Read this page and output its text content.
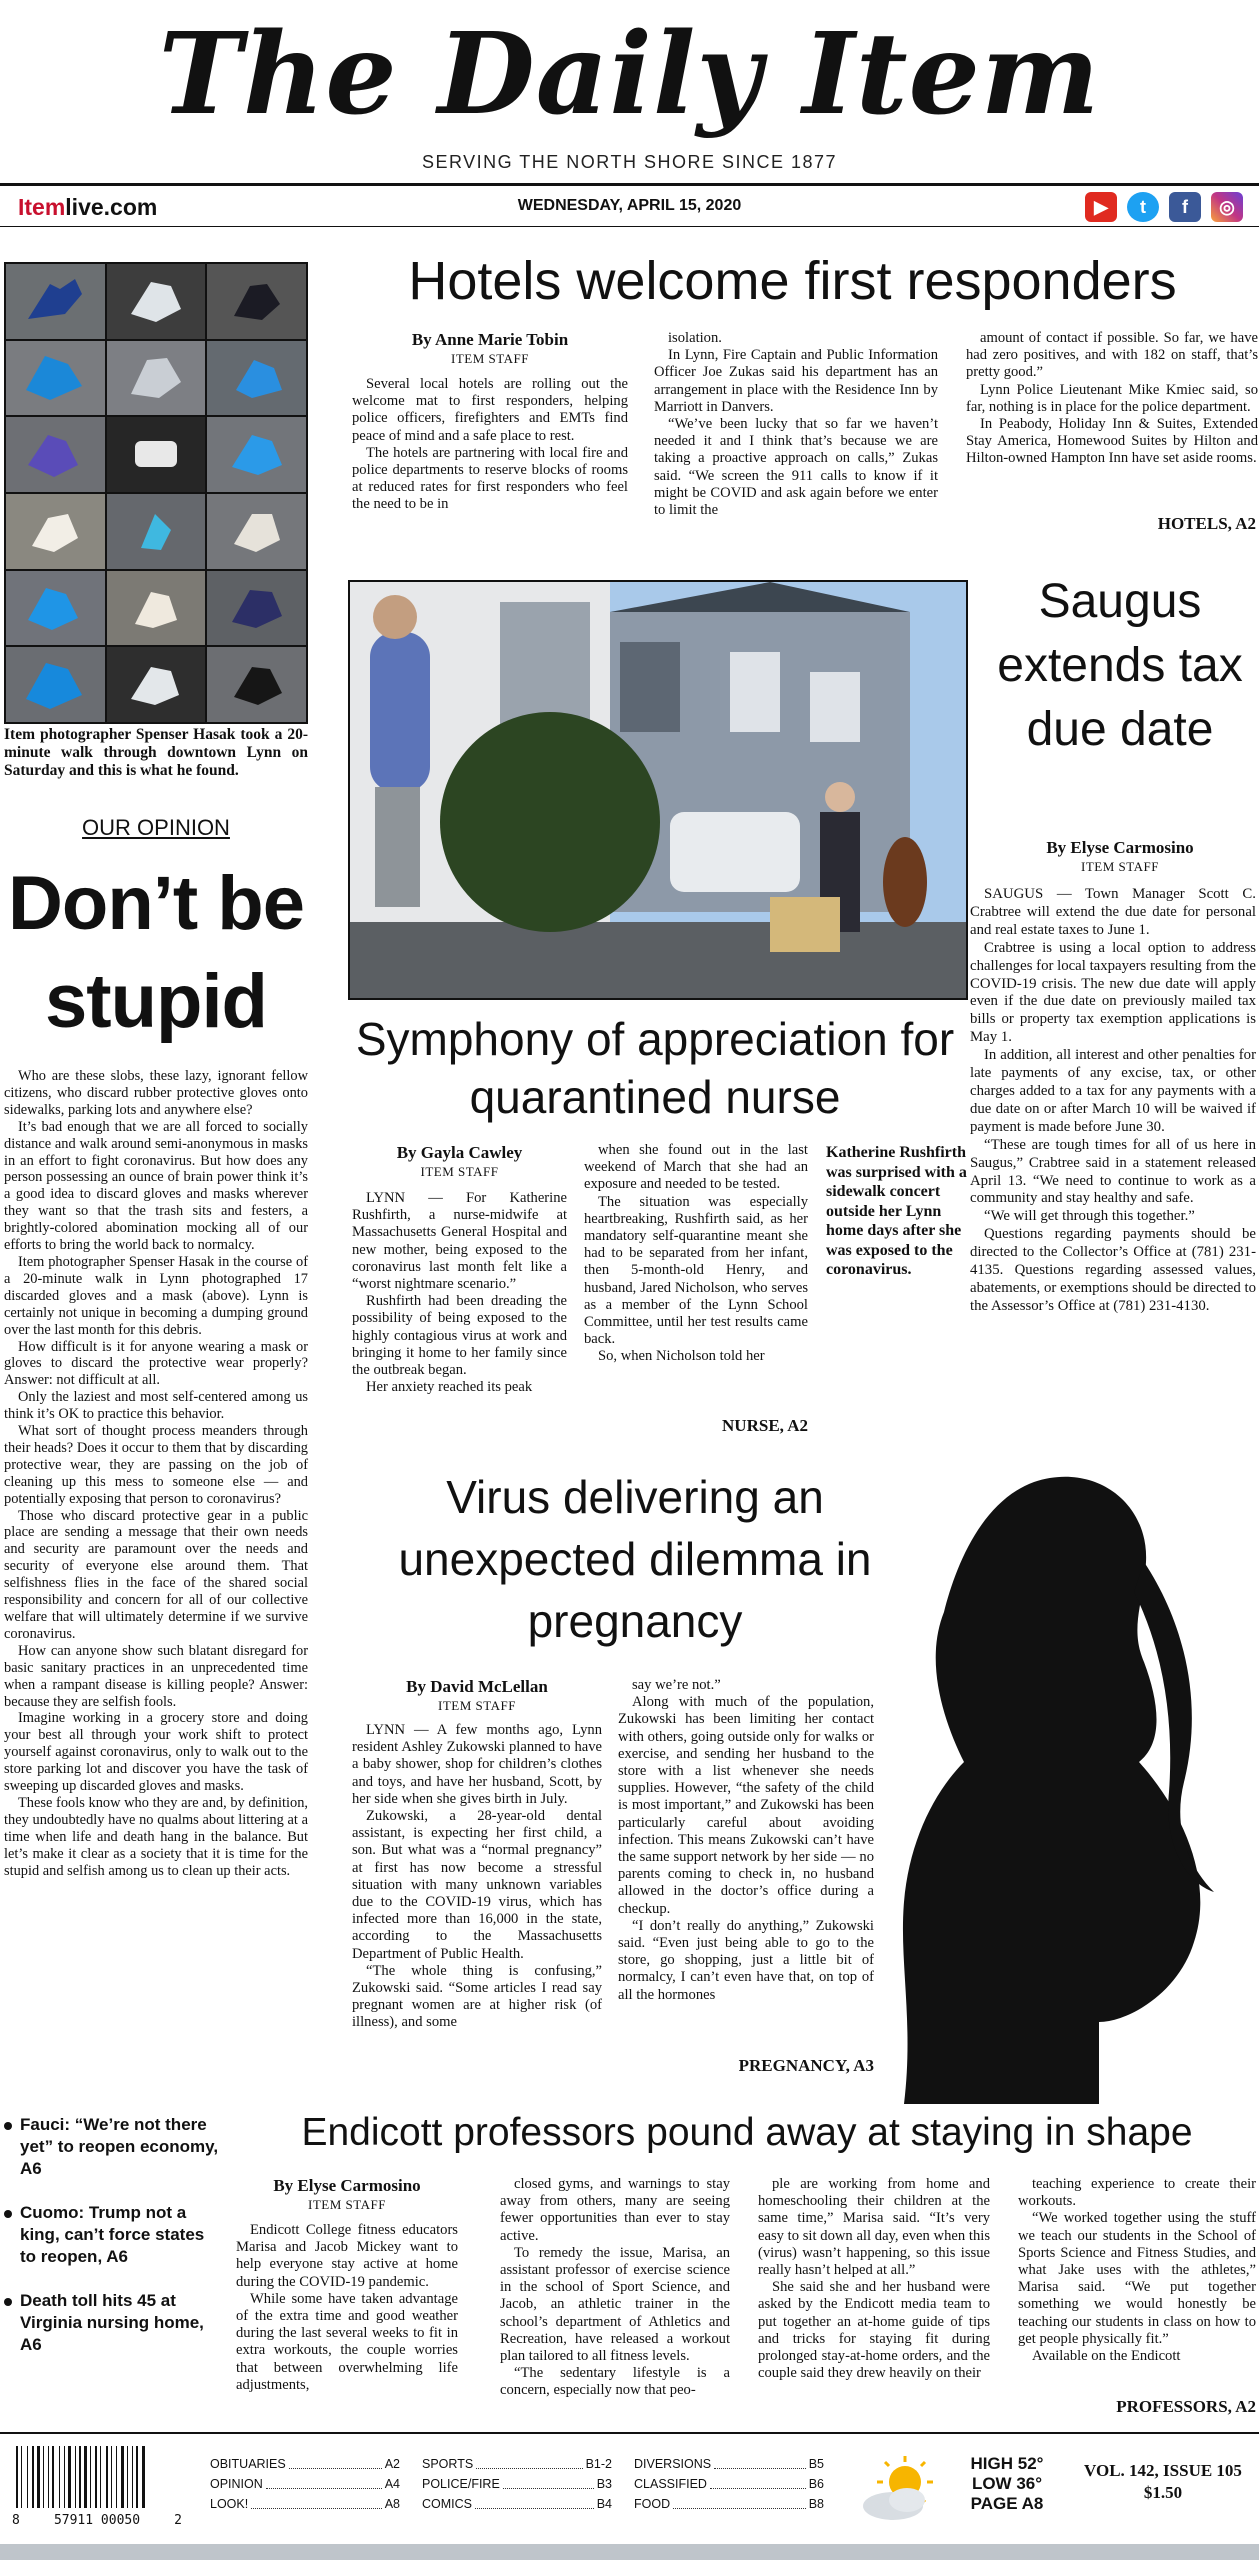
The Daily Item
SERVING THE NORTH SHORE SINCE 1877
Itemlive.com	WEDNESDAY, APRIL 15, 2020	▶	t	f	◎
Item photographer Spenser Hasak took a 20-minute walk through downtown Lynn on Saturday and this is what he found.
OUR OPINION
Don’t be stupid

Who are these slobs, these lazy, ignorant fellow citizens, who discard rubber protective gloves onto sidewalks, parking lots and anywhere else?

It’s bad enough that we are all forced to socially distance and walk around semi-anonymous in masks in an effort to fight coronavirus. But how does any person possessing an ounce of brain power think it’s a good idea to discard gloves and masks wherever they want so that the trash sits and festers, a brightly-colored abomination mocking all of our efforts to bring the world back to normalcy.

Item photographer Spenser Hasak in the course of a 20-minute walk in Lynn photographed 17 discarded gloves and a mask (above). Lynn is certainly not unique in becoming a dumping ground over the last month for this debris.

How difficult is it for anyone wearing a mask or gloves to discard the protective wear properly? Answer: not difficult at all.

Only the laziest and most self-centered among us think it’s OK to practice this behavior.

What sort of thought process meanders through their heads? Does it occur to them that by discarding protective wear, they are passing on the job of cleaning up this mess to someone else — and potentially exposing that person to coronavirus?

Those who discard protective gear in a public place are sending a message that their own needs and security are paramount over the needs and security of everyone else around them. That selfishness flies in the face of the shared social responsibility and concern for all of our collective welfare that will ultimately determine if we survive coronavirus.

How can anyone show such blatant disregard for basic sanitary practices in an unprecedented time when a rampant disease is killing people? Answer: because they are selfish fools.

Imagine working in a grocery store and doing your best all through your work shift to protect yourself against coronavirus, only to walk out to the store parking lot and discover you have the task of sweeping up discarded gloves and masks.

These fools know who they are and, by definition, they undoubtedly have no qualms about littering at a time when life and death hang in the balance. But let’s make it clear as a society that it is time for the stupid and selfish among us to clean up their acts.

Hotels welcome first responders
By Anne Marie Tobin
ITEM STAFF

Several local hotels are rolling out the welcome mat to first responders, helping police officers, firefighters and EMTs find peace of mind and a safe place to rest.

The hotels are partnering with local fire and police departments to reserve blocks of rooms at reduced rates for first responders who feel the need to be in

isolation.

In Lynn, Fire Captain and Public Information Officer Joe Zukas said his department has an arrangement in place with the Residence Inn by Marriott in Danvers.

“We’ve been lucky that so far we haven’t needed it and I think that’s because we are taking a proactive approach on calls,” Zukas said. “We screen the 911 calls to know if it might be COVID and ask again before we enter to limit the

amount of contact if possible. So far, we have had zero positives, and with 182 on staff, that’s pretty good.”

Lynn Police Lieutenant Mike Kmiec said, so far, nothing is in place for the police department.

In Peabody, Holiday Inn & Suites, Extended Stay America, Homewood Suites by Hilton and Hilton-owned Hampton Inn have set aside rooms.

HOTELS, A2
Saugus extends tax due date
By Elyse Carmosino
ITEM STAFF

SAUGUS — Town Manager Scott C. Crabtree will extend the due date for personal and real estate taxes to June 1.

Crabtree is using a local option to address challenges for local taxpayers resulting from the COVID-19 crisis. The new due date will apply even if the due date on previously mailed tax bills or property tax exemption applications is May 1.

In addition, all interest and other penalties for late payments of any excise, tax, or other charges added to a tax for any payments with a due date on or after March 10 will be waived if payment is made before June 30.

“These are tough times for all of us here in Saugus,” Crabtree said in a statement released April 13. “We need to continue to work as a community and stay healthy and safe.

“We will get through this together.”

Questions regarding payments should be directed to the Collector’s Office at (781) 231-4135. Questions regarding assessed values, abatements, or exemptions should be directed to the Assessor’s Office at (781) 231-4130.

Symphony of appreciation for quarantined nurse
By Gayla Cawley
ITEM STAFF

LYNN — For Katherine Rushfirth, a nurse-midwife at Massachusetts General Hospital and new mother, being exposed to the coronavirus last month felt like a “worst nightmare scenario.”

Rushfirth had been dreading the possibility of being exposed to the highly contagious virus at work and bringing it home to her family since the outbreak began.

Her anxiety reached its peak

when she found out in the last weekend of March that she had an exposure and needed to be tested.

The situation was especially heartbreaking, Rushfirth said, as her mandatory self-quarantine meant she had to be separated from her infant, then 5-month-old Henry, and husband, Jared Nicholson, who serves as a member of the Lynn School Committee, until her test results came back.

So, when Nicholson told her

Katherine Rushfirth was surprised with a sidewalk concert outside her Lynn home days after she was exposed to the coronavirus.
NURSE, A2
Virus delivering an unexpected dilemma in pregnancy
By David McLellan
ITEM STAFF

LYNN — A few months ago, Lynn resident Ashley Zukowski planned to have a baby shower, shop for children’s clothes and toys, and have her husband, Scott, by her side when she gives birth in July.

Zukowski, a 28-year-old dental assistant, is expecting her first child, a son. But what was a “normal pregnancy” at first has now become a stressful situation with many unknown variables due to the COVID-19 virus, which has infected more than 16,000 in the state, according to the Massachusetts Department of Public Health.

“The whole thing is confusing,” Zukowski said. “Some articles I read say pregnant women are at higher risk (of illness), and some

say we’re not.”

Along with much of the population, Zukowski has been limiting her contact with others, going outside only for walks or exercise, and sending her husband to the store with a list whenever she needs supplies. However, “the safety of the child is most important,” and Zukowski has been particularly careful about avoiding infection. This means Zukowski can’t have the same support network by her side — no parents coming to check in, no husband allowed in the doctor’s office during a checkup.

“I don’t really do anything,” Zukowski said. “Even just being able to go to the store, go shopping, just a little bit of normalcy, I can’t even have that, on top of all the hormones

PREGNANCY, A3
Fauci: “We’re not there yet” to reopen economy, A6
Cuomo: Trump not a king, can’t force states to reopen, A6
Death toll hits 45 at Virginia nursing home, A6
Endicott professors pound away at staying in shape
By Elyse Carmosino
ITEM STAFF

Endicott College fitness educators Marisa and Jacob Mickey want to help everyone stay active at home during the COVID-19 pandemic.

While some have taken advantage of the extra time and good weather during the last several weeks to fit in extra workouts, the couple worries that between overwhelming life adjustments,

closed gyms, and warnings to stay away from others, many are seeing fewer opportunities than ever to stay active.

To remedy the issue, Marisa, an assistant professor of exercise science in the school of Sport Science, and Jacob, an athletic trainer in the school’s department of Athletics and Recreation, have released a workout plan tailored to all fitness levels.

“The sedentary lifestyle is a concern, especially now that peo-

ple are working from home and homeschooling their children at the same time,” Marisa said. “It’s very easy to sit down all day, even when this (virus) wasn’t happening, so this issue really hasn’t helped at all.”

She said she and her husband were asked by the Endicott media team to put together an at-home guide of tips and tricks for staying fit during prolonged stay-at-home orders, and the couple said they drew heavily on their

teaching experience to create their workouts.

“We worked together using the stuff we teach our students in the School of Sports Science and Fitness Studies, and what Jake uses with the athletes,” Marisa said. “We put together something we would honestly be teaching our students in class on how to get people physically fit.”

Available on the Endicott

PROFESSORS, A2
8	57911 00050	2
OBITUARIES	A2
OPINION	A4
LOOK!	A8
SPORTS	B1-2
POLICE/FIRE	B3
COMICS	B4
DIVERSIONS	B5
CLASSIFIED	B6
FOOD	B8
HIGH 52°
LOW 36°
PAGE A8
VOL. 142, ISSUE 105
$1.50
